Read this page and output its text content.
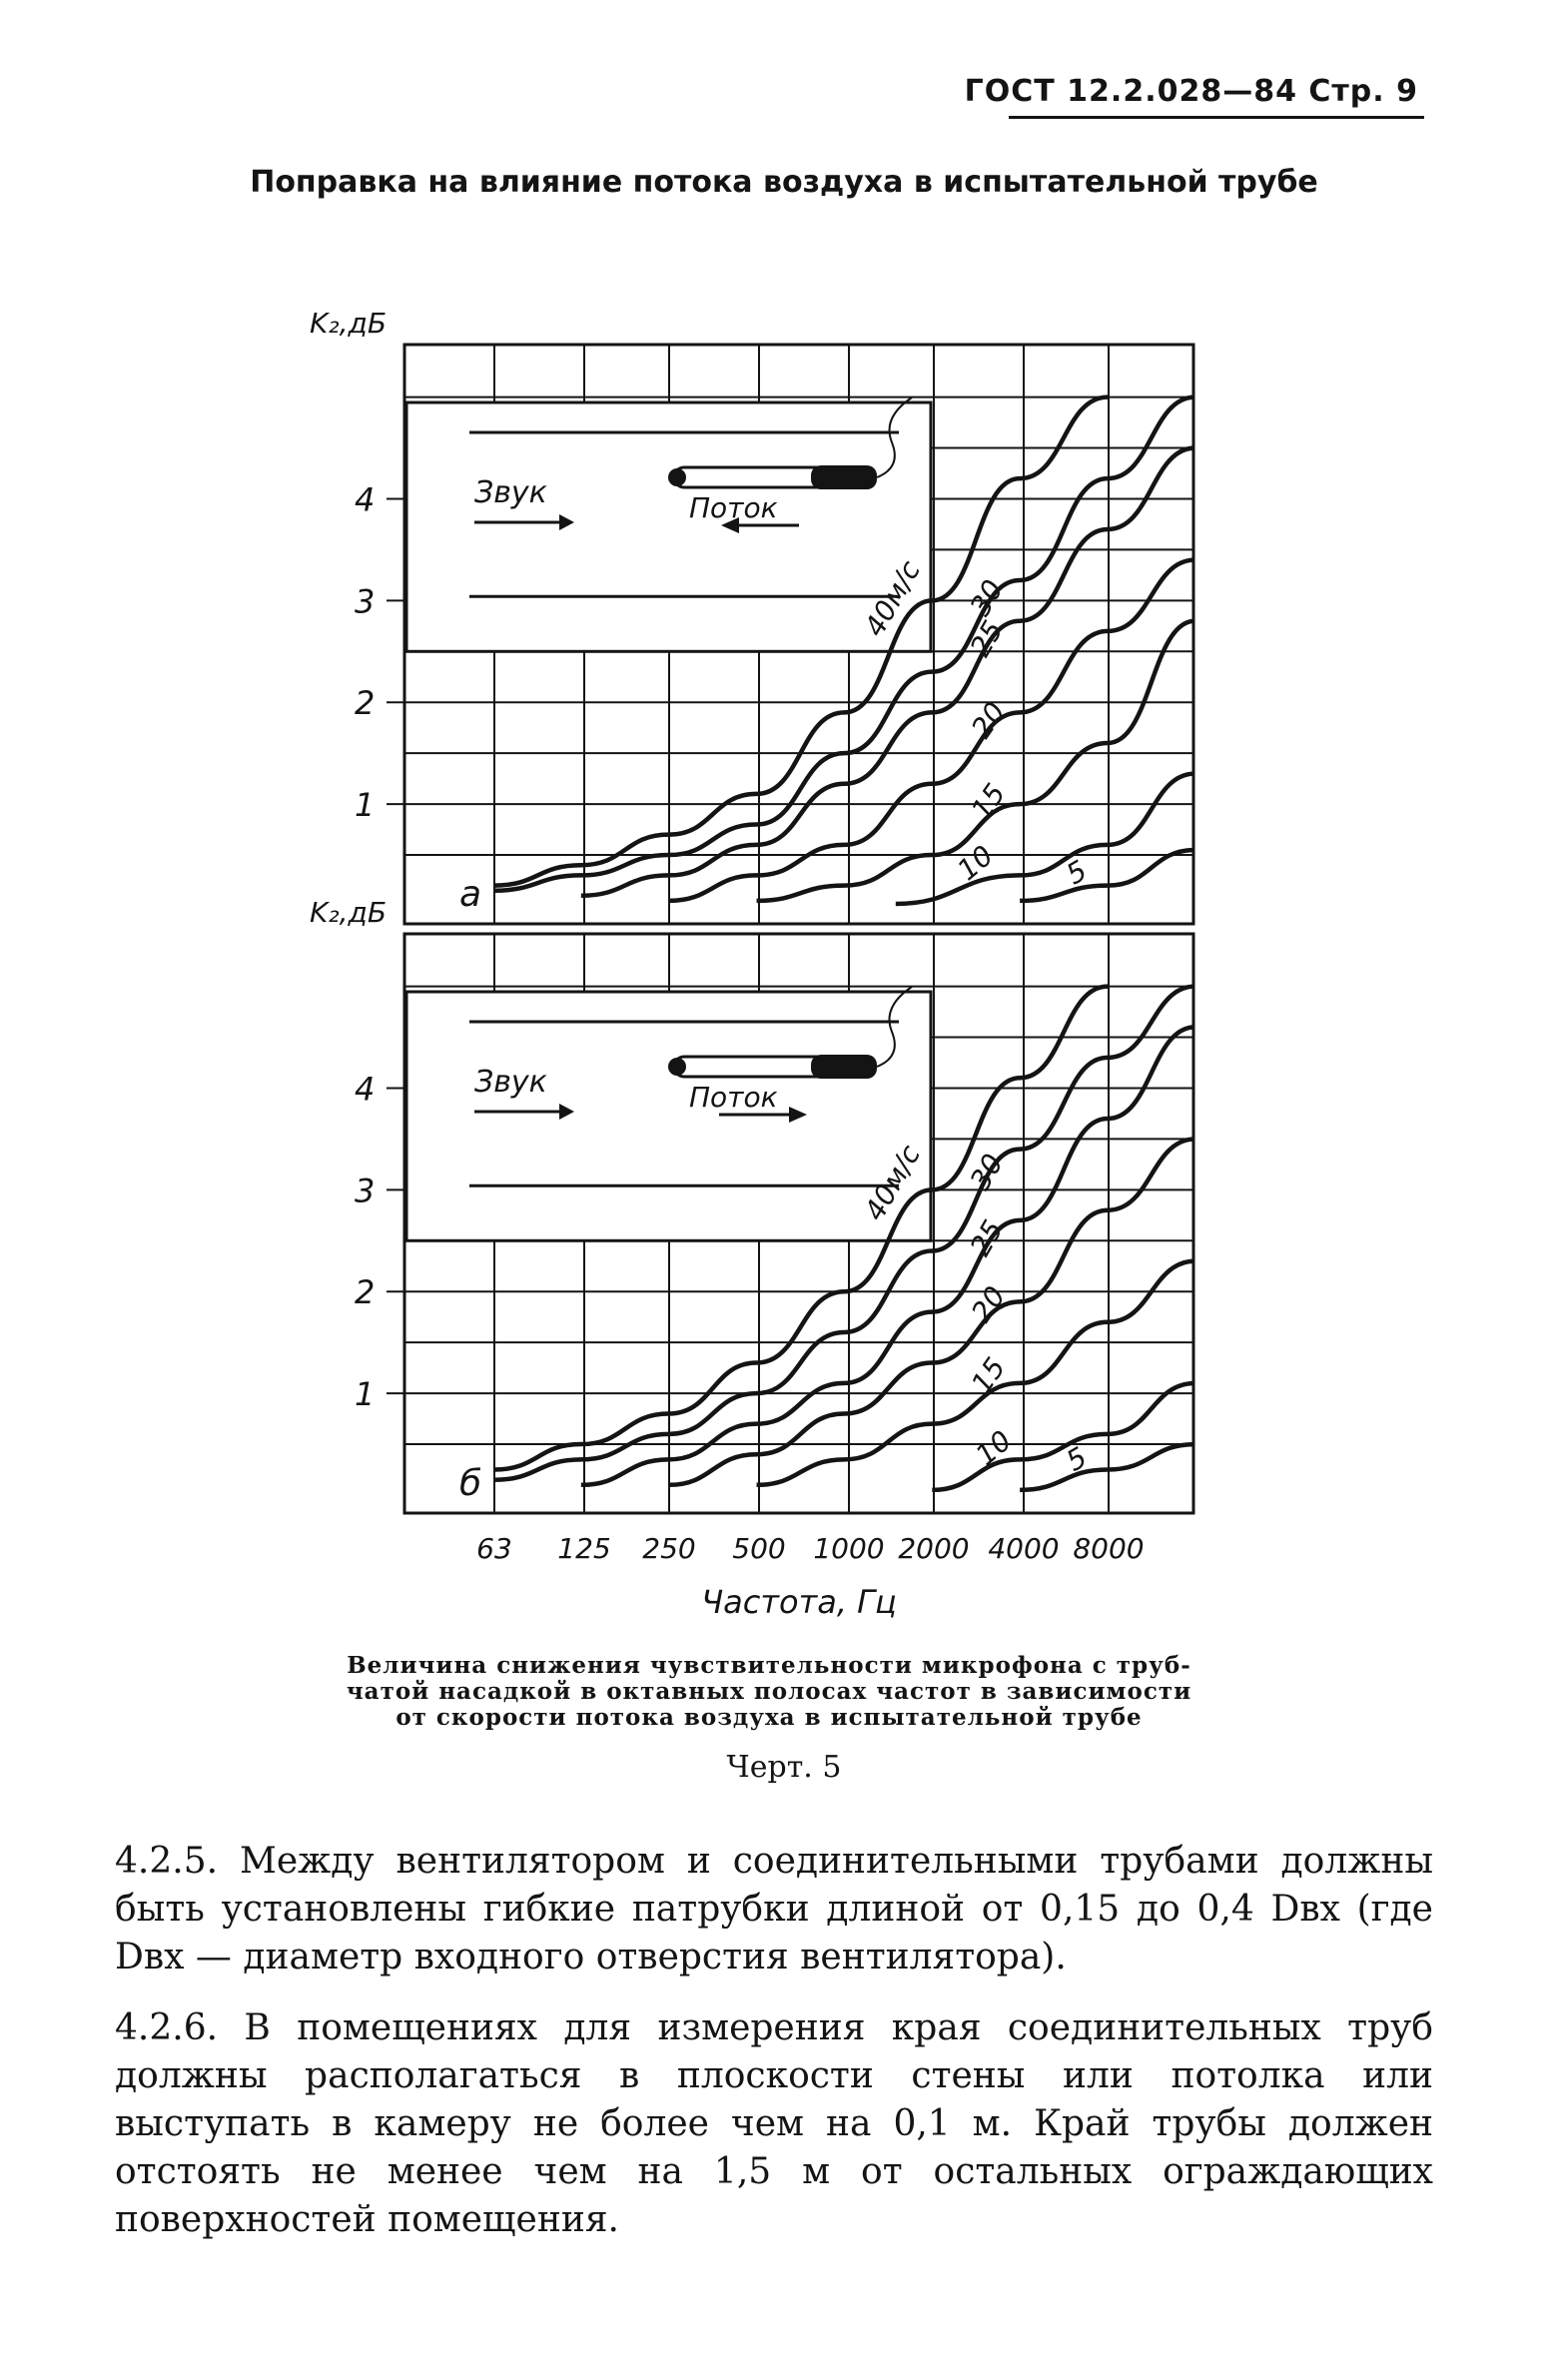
ГОСТ 12.2.028—84 Стр. 9
Поправка на влияние потока воздуха в испытательной трубе
1
2
3
4
K₂,дБ
Звук	Поток
а
5
10
15
20
25
30
40м/с
1
2
3
4
K₂,дБ
Звук	Поток
б
5
10
15
20
25
30
40м/с
63 125 250 500 1000 2000 4000 8000
Частота, Гц
Величина снижения чувствительности микрофона с труб-
чатой насадкой в октавных полосах частот в зависимости
от скорости потока воздуха в испытательной трубе
Черт. 5
4.2.5. Между вентилятором и соединительными трубами должны быть установлены гибкие патрубки длиной от 0,15 до 0,4 Dвх (где Dвх — диаметр входного отверстия вентилятора).
4.2.6. В помещениях для измерения края соединительных труб должны располагаться в плоскости стены или потолка или выступать в камеру не более чем на 0,1 м. Край трубы должен отстоять не менее чем на 1,5 м от остальных ограждающих поверхностей помещения.
